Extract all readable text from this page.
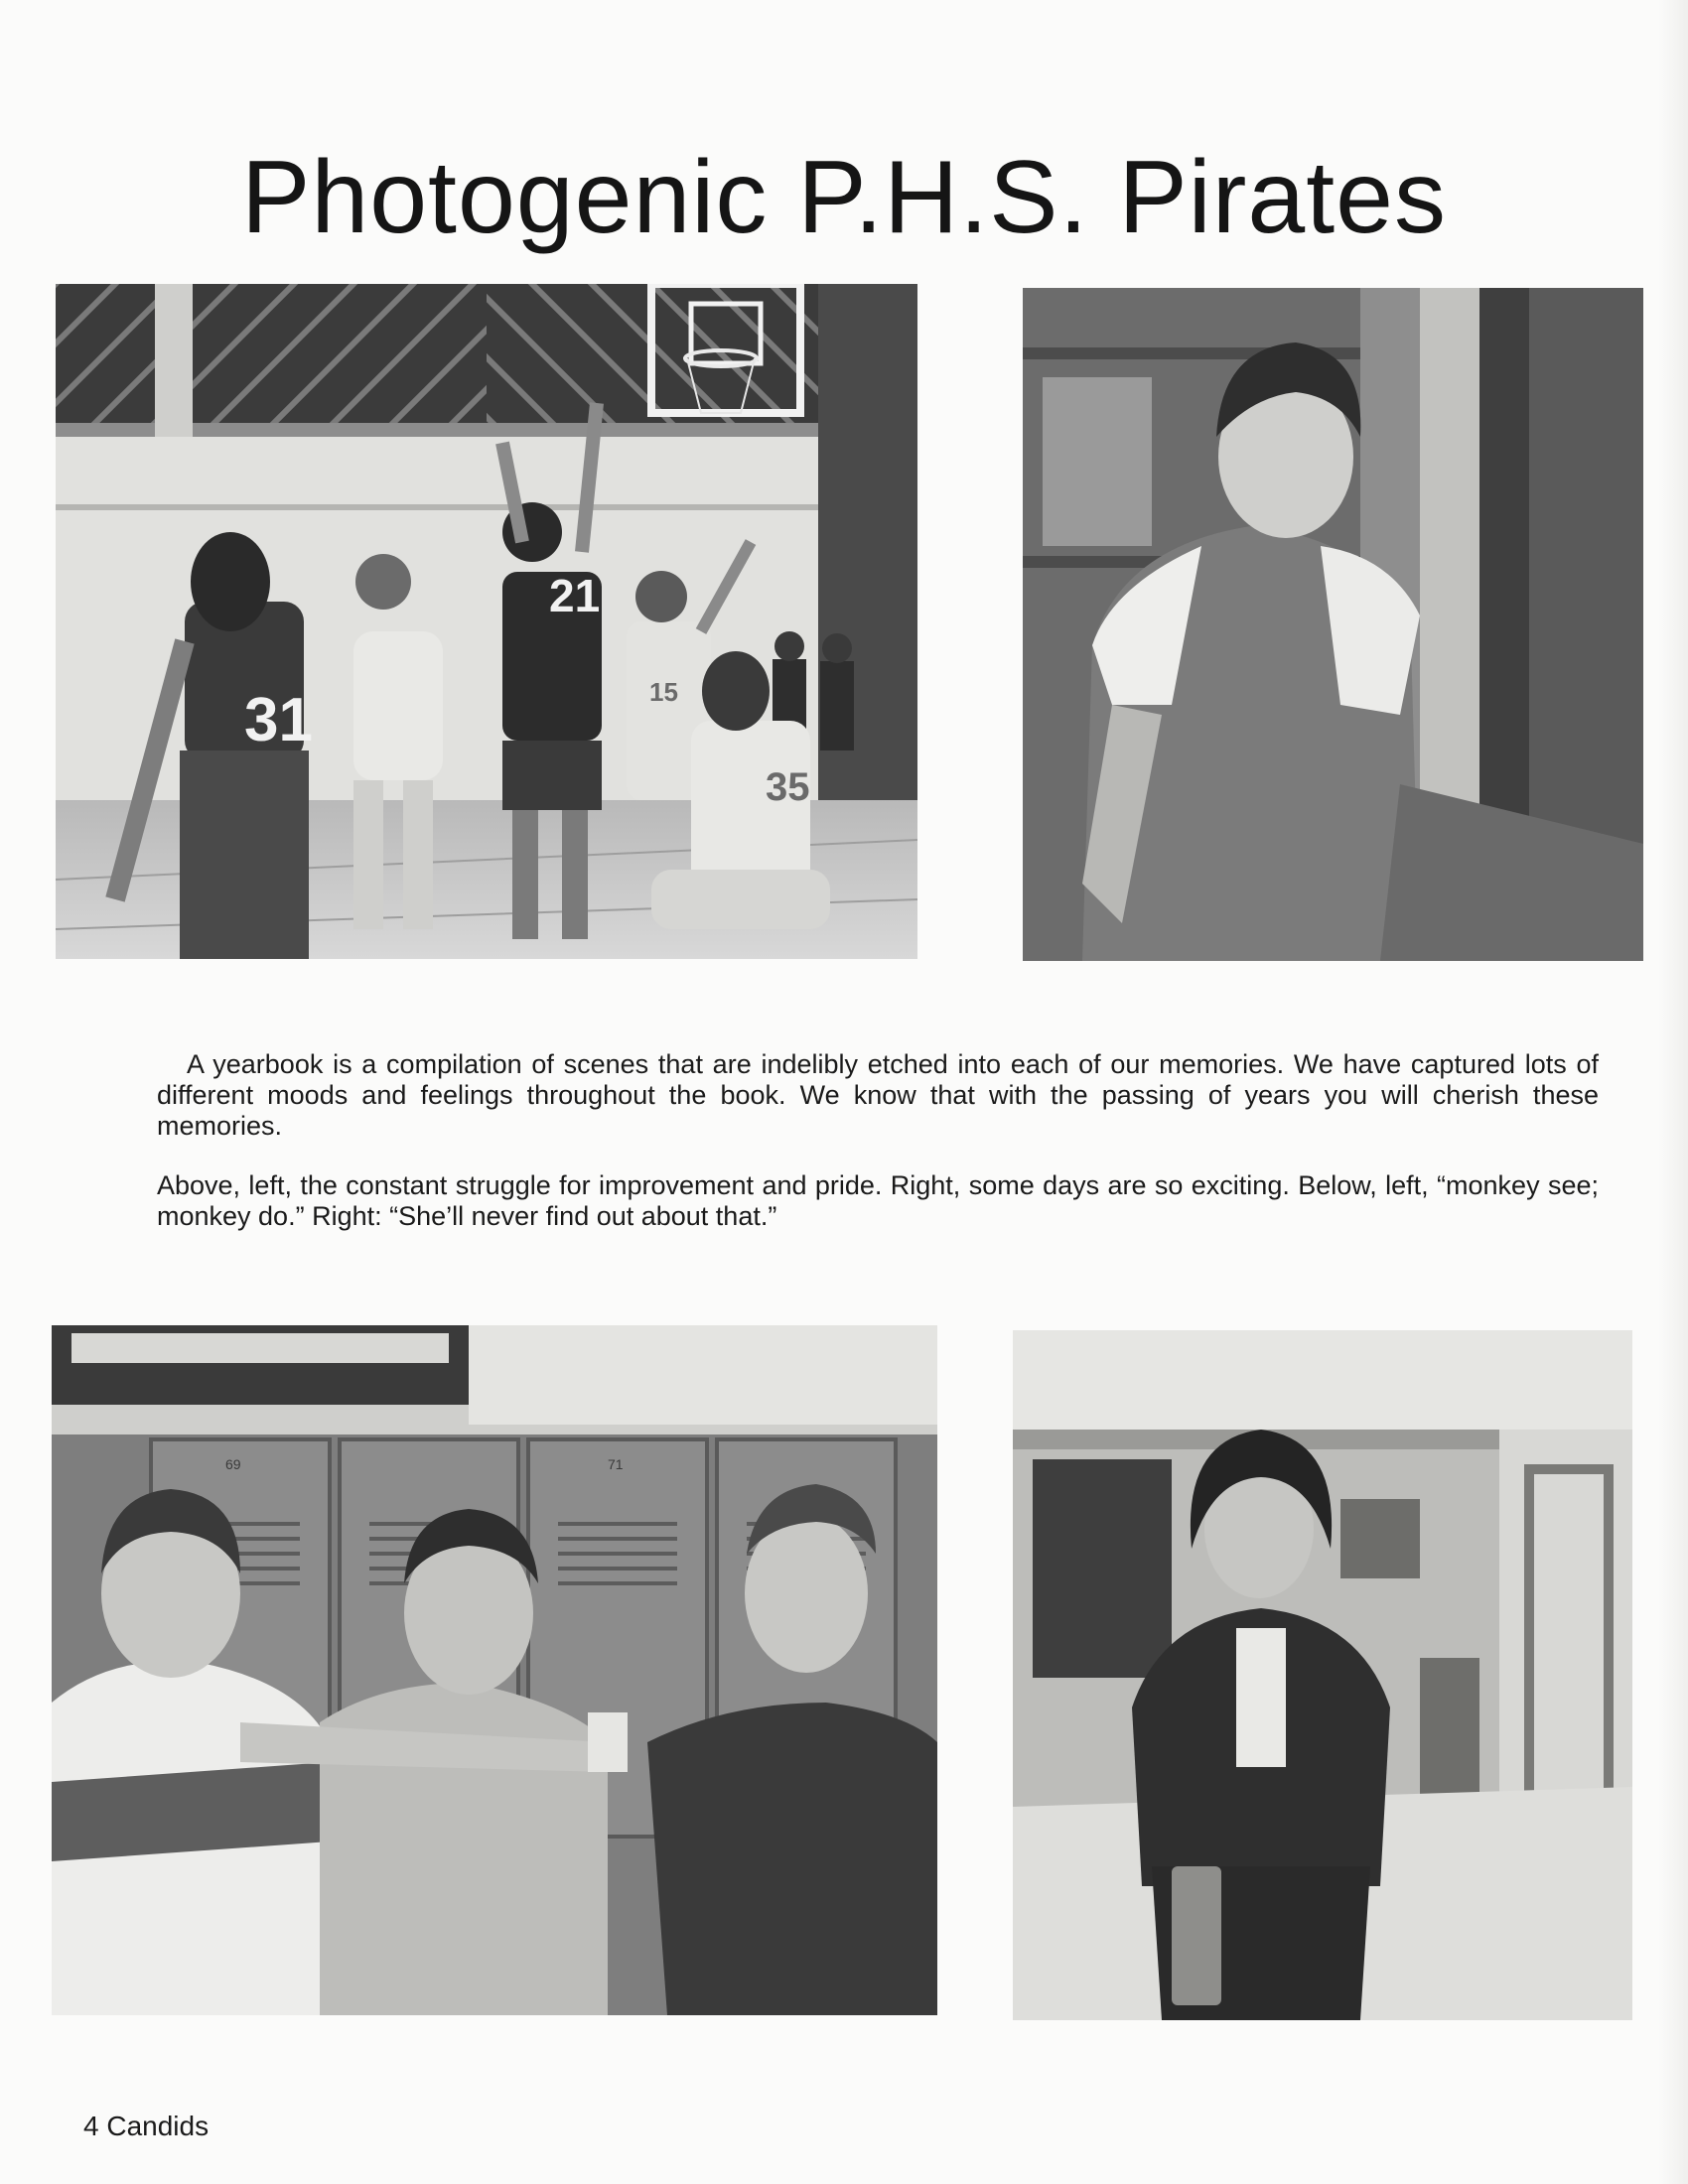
Photogenic P.H.S. Pirates
31
21
15
35

A yearbook is a compilation of scenes that are indelibly etched into each of our memories. We have captured lots of different moods and feelings throughout the book. We know that with the passing of years you will cherish these memories.

Above, left, the constant struggle for improvement and pride. Right, some days are so exciting. Below, left, “monkey see; monkey do.” Right: “She’ll never find out about that.”

69	71
4 Candids
